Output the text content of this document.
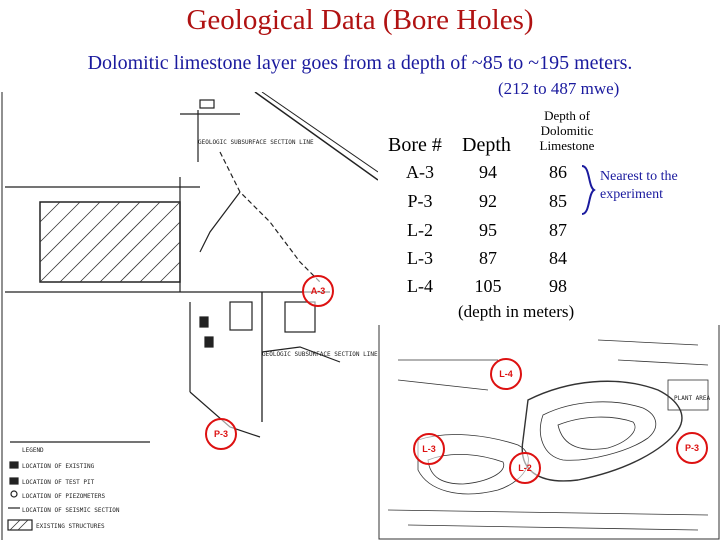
Geological Data (Bore Holes)
Dolomitic limestone layer goes from a depth of ~85 to ~195 meters.
(212 to 487 mwe)
GEOLOGIC SUBSURFACE SECTION LINE
GEOLOGIC SUBSURFACE SECTION LINE
LEGEND
LOCATION OF EXISTING
LOCATION OF TEST PIT
LOCATION OF PIEZOMETERS
LOCATION OF SEISMIC SECTION
EXISTING STRUCTURES
A-3
P-3
PLANT AREA
L-4
L-3
L-2
P-3
Bore # Depth
Depth of
Dolomitic
Limestone
A-3	94	86
P-3	92	85
L-2	95	87
L-3	87	84
L-4	105	98
Nearest to the experiment
(depth in meters)
